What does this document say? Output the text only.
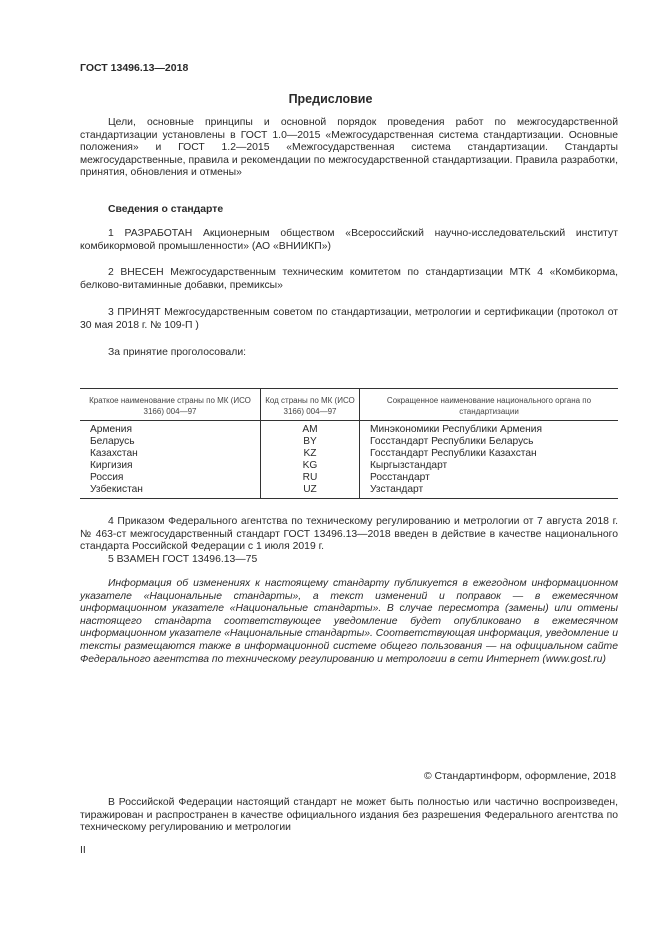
ГОСТ 13496.13—2018
Предисловие

Цели, основные принципы и основной порядок проведения работ по межгосударственной стандартизации установлены в ГОСТ 1.0—2015 «Межгосударственная система стандартизации. Основные положения» и ГОСТ 1.2—2015 «Межгосударственная система стандартизации. Стандарты межгосударственные, правила и рекомендации по межгосударственной стандартизации. Правила разработки, принятия, обновления и отмены»

Сведения о стандарте

1 РАЗРАБОТАН Акционерным обществом «Всероссийский научно-исследовательский институт комбикормовой промышленности» (АО «ВНИИКП»)

2 ВНЕСЕН Межгосударственным техническим комитетом по стандартизации МТК 4 «Комбикорма, белково-витаминные добавки, премиксы»

3 ПРИНЯТ Межгосударственным советом по стандартизации, метрологии и сертификации (протокол от 30 мая 2018 г. № 109-П )

За принятие проголосовали:

Краткое наименование страны по МК (ИСО 3166) 004—97	Код страны по МК (ИСО 3166) 004—97	Сокращенное наименование национального органа по стандартизации
Армения	AM	Минэкономики Республики Армения
Беларусь	BY	Госстандарт Республики Беларусь
Казахстан	KZ	Госстандарт Республики Казахстан
Киргизия	KG	Кыргызстандарт
Россия	RU	Росстандарт
Узбекистан	UZ	Узстандарт

4 Приказом Федерального агентства по техническому регулированию и метрологии от 7 августа 2018 г. № 463-ст межгосударственный стандарт ГОСТ 13496.13—2018 введен в действие в качестве национального стандарта Российской Федерации с 1 июля 2019 г.

5 ВЗАМЕН ГОСТ 13496.13—75

Информация об изменениях к настоящему стандарту публикуется в ежегодном информационном указателе «Национальные стандарты», а текст изменений и поправок — в ежемесячном информационном указателе «Национальные стандарты». В случае пересмотра (замены) или отмены настоящего стандарта соответствующее уведомление будет опубликовано в ежемесячном информационном указателе «Национальные стандарты». Соответствующая информация, уведомление и тексты размещаются также в информационной системе общего пользования — на официальном сайте Федерального агентства по техническому регулированию и метрологии в сети Интернет (www.gost.ru)

© Стандартинформ, оформление, 2018

В Российской Федерации настоящий стандарт не может быть полностью или частично воспроизведен, тиражирован и распространен в качестве официального издания без разрешения Федерального агентства по техническому регулированию и метрологии

II
